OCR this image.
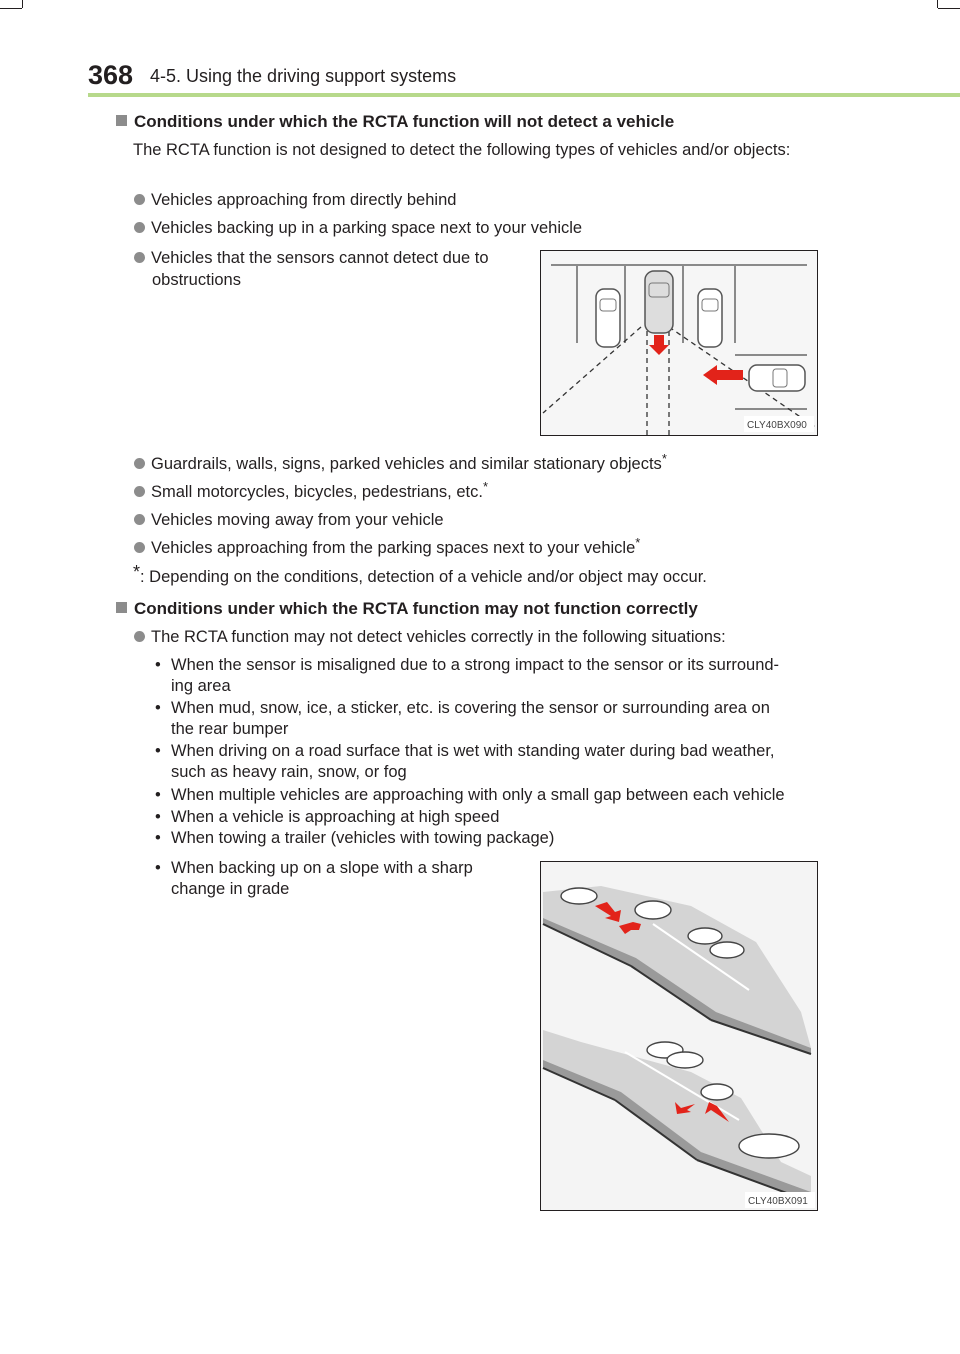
368 4-5. Using the driving support systems
Conditions under which the RCTA function will not detect a vehicle
The RCTA function is not designed to detect the following types of vehicles and/or objects:
Vehicles approaching from directly behind
Vehicles backing up in a parking space next to your vehicle
Vehicles that the sensors cannot detect due to
obstructions
CLY40BX090
Guardrails, walls, signs, parked vehicles and similar stationary objects*
Small motorcycles, bicycles, pedestrians, etc.*
Vehicles moving away from your vehicle
Vehicles approaching from the parking spaces next to your vehicle*
*: Depending on the conditions, detection of a vehicle and/or object may occur.
Conditions under which the RCTA function may not function correctly
The RCTA function may not detect vehicles correctly in the following situations:
• When the sensor is misaligned due to a strong impact to the sensor or its surround-
ing area
• When mud, snow, ice, a sticker, etc. is covering the sensor or surrounding area on
the rear bumper
• When driving on a road surface that is wet with standing water during bad weather,
such as heavy rain, snow, or fog
• When multiple vehicles are approaching with only a small gap between each vehicle
• When a vehicle is approaching at high speed
• When towing a trailer (vehicles with towing package)
• When backing up on a slope with a sharp
change in grade
CLY40BX091
